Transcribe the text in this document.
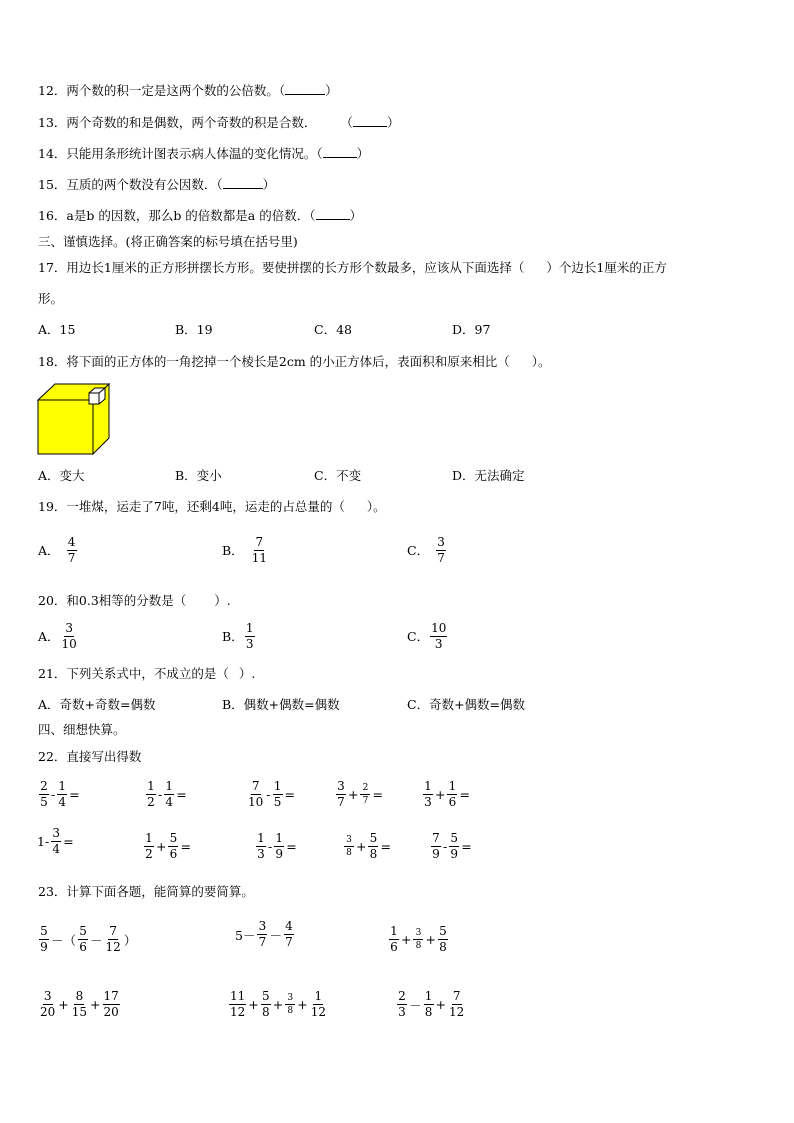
12．两个数的积一定是这两个数的公倍数。（	）
13．两个奇数的和是偶数，两个奇数的积是合数． （	）
14．只能用条形统计图表示病人体温的变化情况。（	）
15．互质的两个数没有公因数．（	）
16．a是b 的因数，那么b 的倍数都是a 的倍数．（	）
三、谨慎选择。(将正确答案的标号填在括号里)
17．用边长1厘米的正方形拼摆长方形。要使拼摆的长方形个数最多，应该从下面选择（ ）个边长1厘米的正方
形。
A．15	B．19	C．48	D．97
18．将下面的正方体的一角挖掉一个棱长是2cm 的小正方体后，表面积和原来相比（ ）。
A．变大	B．变小	C．不变	D．无法确定
19．一堆煤，运走了7吨，还剩4吨，运走的占总量的（ ）。
A． $\frac{4}{7}$	B． $\frac{7}{11}$	C． $\frac{3}{7}$
20．和0.3相等的分数是（ ）.
A． $\frac{3}{10}$	B． $\frac{1}{3}$	C． $\frac{10}{3}$
21．下列关系式中，不成立的是（ ）.
A．奇数+奇数=偶数	B．偶数+偶数=偶数	C．奇数+偶数=偶数
四、细想快算。
22．直接写出得数
$\frac{2}{5} - \frac{1}{4}$ =	$\frac{1}{2} - \frac{1}{4}$ =	$\frac{7}{10} - \frac{1}{5}$ =	$\frac{3}{7} + \frac{2}{7}$ =	$\frac{1}{3} + \frac{1}{6}$ =
$1- \frac{3}{4}$ =	$\frac{1}{2} + \frac{5}{6}$ =	$\frac{1}{3} - \frac{1}{9}$ =	$\frac{3}{8} + \frac{5}{8}$ =	$\frac{7}{9} - \frac{5}{9}$ =
23．计算下面各题，能简算的要简算。
$\frac{5}{9}$ －（ $\frac{5}{6} - \frac{7}{12}$ ）	$5- \frac{3}{7} - \frac{4}{7}$	$\frac{1}{6} + \frac{3}{8} + \frac{5}{8}$
$\frac{3}{20} + \frac{8}{15} + \frac{17}{20}$	$\frac{11}{12} + \frac{5}{8} + \frac{3}{8} + \frac{1}{12}$	$\frac{2}{3} - \frac{1}{8} + \frac{7}{12}$
